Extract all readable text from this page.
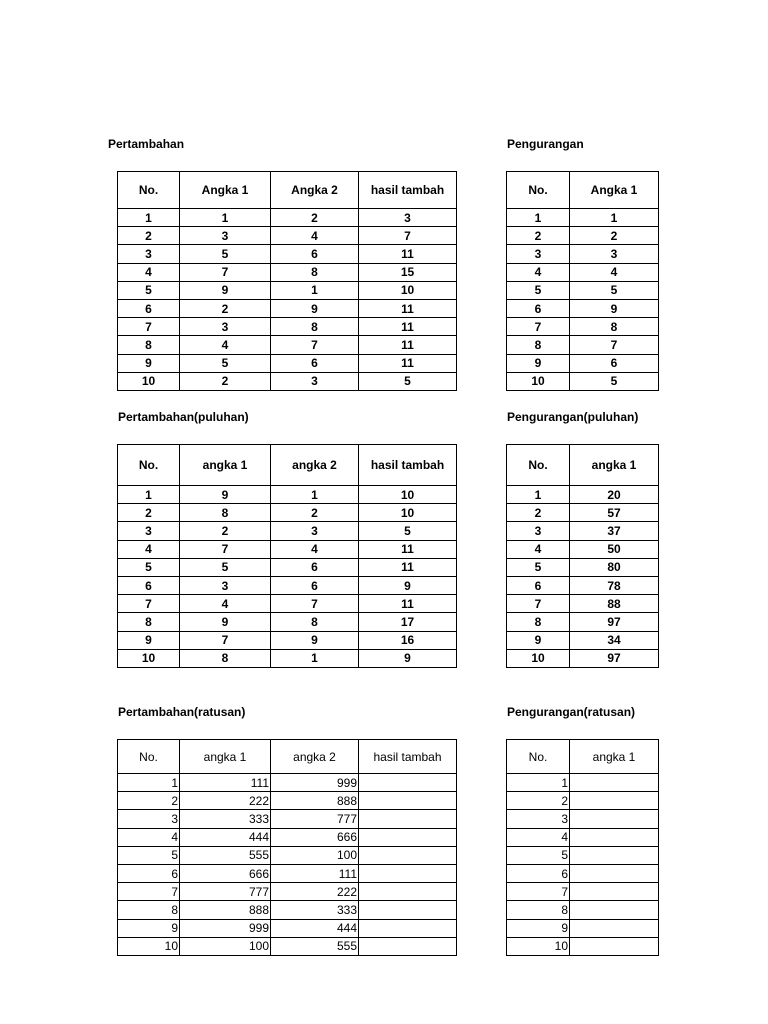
Pertambahan	Pengurangan
Pertambahan(puluhan)	Pengurangan(puluhan)
Pertambahan(ratusan)	Pengurangan(ratusan)
No.	Angka 1	Angka 2	hasil tambah
1	1	2	3
2	3	4	7
3	5	6	11
4	7	8	15
5	9	1	10
6	2	9	11
7	3	8	11
8	4	7	11
9	5	6	11
10	2	3	5
No.	Angka 1
1	1
2	2
3	3
4	4
5	5
6	9
7	8
8	7
9	6
10	5
No.	angka 1	angka 2	hasil tambah
1	9	1	10
2	8	2	10
3	2	3	5
4	7	4	11
5	5	6	11
6	3	6	9
7	4	7	11
8	9	8	17
9	7	9	16
10	8	1	9
No.	angka 1
1	20
2	57
3	37
4	50
5	80
6	78
7	88
8	97
9	34
10	97
No.	angka 1	angka 2	hasil tambah
1	111	999	
2	222	888	
3	333	777	
4	444	666	
5	555	100	
6	666	111	
7	777	222	
8	888	333	
9	999	444	
10	100	555	
No.	angka 1
1	
2	
3	
4	
5	
6	
7	
8	
9	
10	
